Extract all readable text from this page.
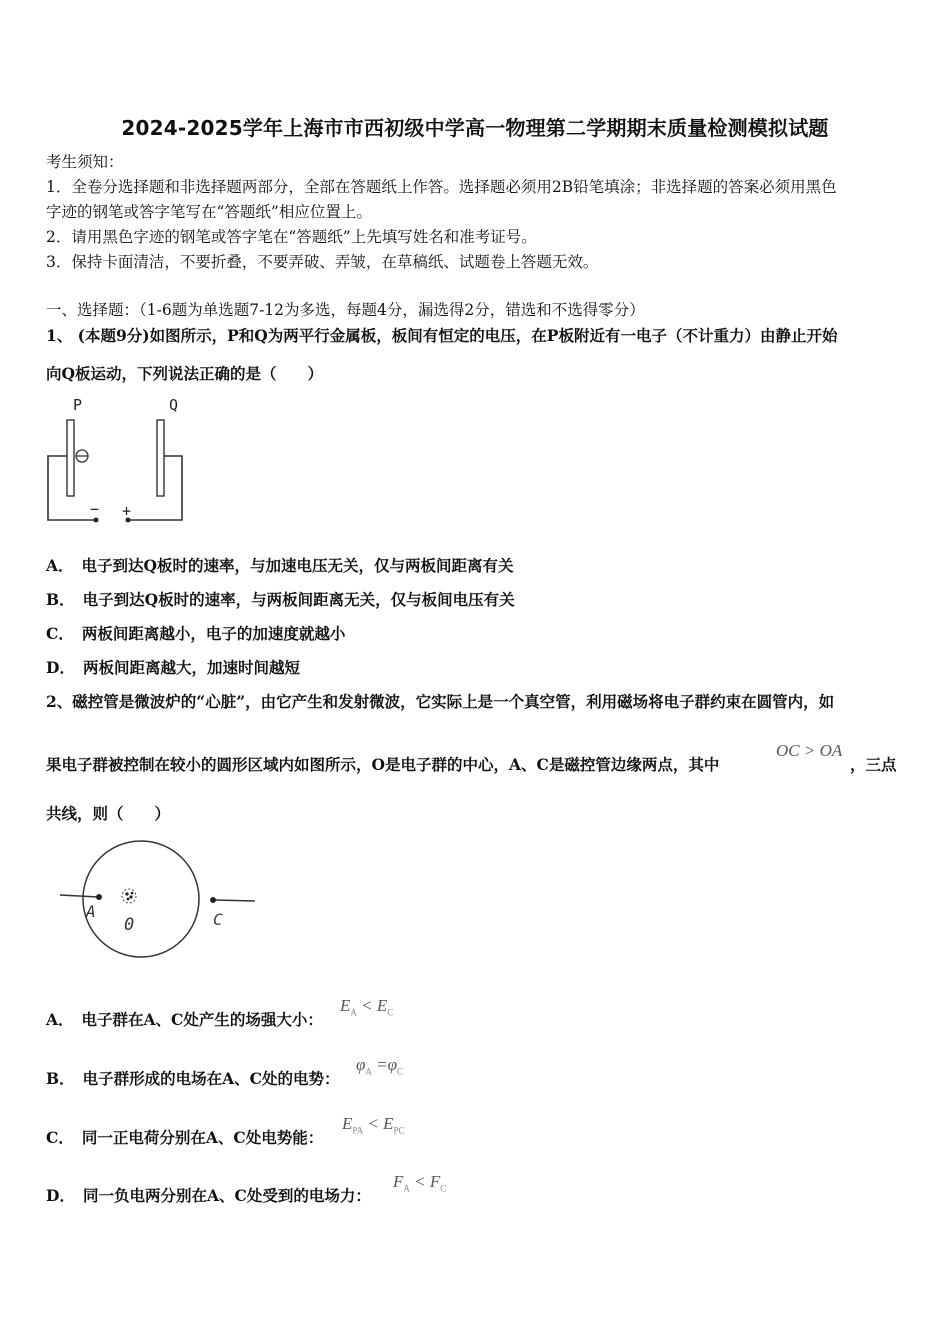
2024-2025学年上海市市西初级中学高一物理第二学期期末质量检测模拟试题
考生须知：
1．全卷分选择题和非选择题两部分，全部在答题纸上作答。选择题必须用2B铅笔填涂；非选择题的答案必须用黑色
字迹的钢笔或答字笔写在“答题纸”相应位置上。
2．请用黑色字迹的钢笔或答字笔在“答题纸”上先填写姓名和准考证号。
3．保持卡面清洁，不要折叠，不要弄破、弄皱，在草稿纸、试题卷上答题无效。
一、选择题：（1-6题为单选题7-12为多选，每题4分，漏选得2分，错选和不选得零分）
1、 (本题9分)如图所示，P和Q为两平行金属板，板间有恒定的电压，在P板附近有一电子（不计重力）由静止开始
向Q板运动，下列说法正确的是（　　）
P	Q
− +
A． 电子到达Q板时的速率，与加速电压无关，仅与两板间距离有关
B． 电子到达Q板时的速率，与两板间距离无关，仅与板间电压有关
C． 两板间距离越小，电子的加速度就越小
D． 两板间距离越大，加速时间越短
2、磁控管是微波炉的“心脏”，由它产生和发射微波，它实际上是一个真空管，利用磁场将电子群约束在圆管内，如
果电子群被控制在较小的圆形区域内如图所示，O是电子群的中心，A、C是磁控管边缘两点，其中
OC > OA
，三点
共线，则（　　）
A
0	C
A． 电子群在A、C处产生的场强大小：
$E_A < E_C$
B． 电子群形成的电场在A、C处的电势：
$\varphi_A =\varphi_C$
C． 同一正电荷分别在A、C处电势能：
$E_{PA} < E_{PC}$
D． 同一负电两分别在A、C处受到的电场力：
$F_A < F_C$
